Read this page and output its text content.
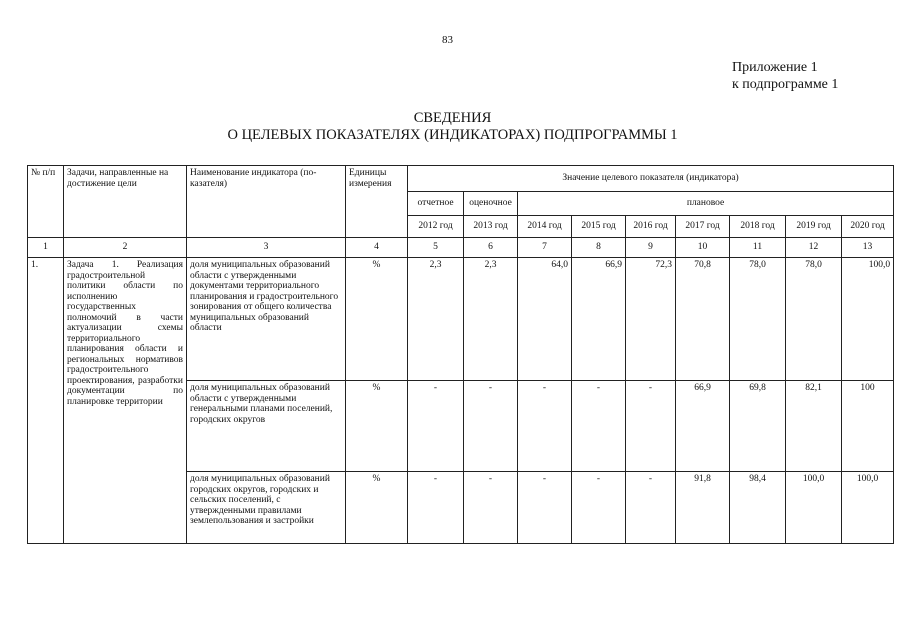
83
Приложение 1
к подпрограмме 1
СВЕДЕНИЯ
О ЦЕЛЕВЫХ ПОКАЗАТЕЛЯХ (ИНДИКАТОРАХ) ПОДПРОГРАММЫ 1
№ п/п	Задачи, направленные на достижение цели	Наименование индикатора (по-казателя)	Единицы измерения	Значение целевого показателя (индикатора)								
				отчетное	оценочное	плановое						
				2012 год	2013 год	2014 год	2015 год	2016 год	2017 год	2018 год	2019 год	2020 год
1	2	3	4	5	6	7	8	9	10	11	12	13
1.	Задача 1. Реализация градостроительной политики области по исполнению государственных полномочий в части актуализации схемы территориального планирования области и региональных нормативов градостроительного проектирования, разработки документации по планировке территории	доля муниципальных образований области с утвержденными документами территориального планирования и градостроительного зонирования от общего количества муниципальных образований области	%	2,3	2,3	64,0	66,9	72,3	70,8	78,0	78,0	100,0
		доля муниципальных образований области с утвержденными генеральными планами поселений, городских округов	%	-	-	-	-	-	66,9	69,8	82,1	100
		доля муниципальных образований городских округов, городских и сельских поселений, с утвержденными правилами землепользования и застройки	%	-	-	-	-	-	91,8	98,4	100,0	100,0
